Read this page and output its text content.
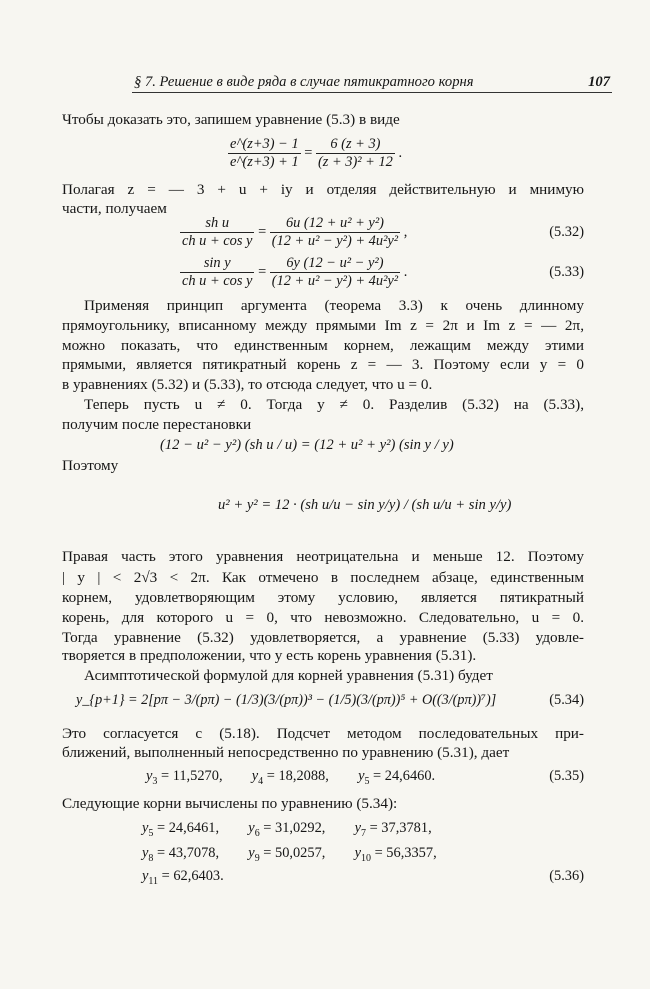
§ 7. Решение в виде ряда в случае пятикратного корня	107
Чтобы доказать это, запишем уравнение (5.3) в виде
$\frac{e\^{}(z+3) - 1}{e\^{}(z+3) + 1} = \frac{6 (z + 3)}{\text{(z + 3)² + 12}}$ .
Полагая z = — 3 + u + iy и отделяя действительную и мнимую
части, получаем
$\frac{\text{sh u}}{\text{ch u + cos y}} = \frac{\text{6u (12 + u² + y²)}}{\text{(12 + u² − y²) + 4u²y²}}$ ,	(5.32)
$\frac{\text{sin y}}{\text{ch u + cos y}} = \frac{\text{6y (12 − u² − y²)}}{\text{(12 + u² − y²) + 4u²y²}}$ .	(5.33)
Применяя принцип аргумента (теорема 3.3) к очень длинному
прямоугольнику, вписанному между прямыми Im z = 2π и Im z = — 2π,
можно показать, что единственным корнем, лежащим между этими
прямыми, является пятикратный корень z = — 3. Поэтому если y = 0
в уравнениях (5.32) и (5.33), то отсюда следует, что u = 0.
Теперь пусть u ≠ 0. Тогда y ≠ 0. Разделив (5.32) на (5.33),
получим после перестановки
(12 − u² − y²) (sh u / u) = (12 + u² + y²) (sin y / y)
Поэтому
u² + y² = 12 · (sh u/u − sin y/y) / (sh u/u + sin y/y)
Правая часть этого уравнения неотрицательна и меньше 12. Поэтому
| y | < 2√3 < 2π. Как отмечено в последнем абзаце, единственным
корнем, удовлетворяющим этому условию, является пятикратный
корень, для которого u = 0, что невозможно. Следовательно, u = 0.
Тогда уравнение (5.32) удовлетворяется, а уравнение (5.33) удовле-
творяется в предположении, что y есть корень уравнения (5.31).
Асимптотической формулой для корней уравнения (5.31) будет
y_{p+1} = 2[pπ − 3/(pπ) − (1/3)(3/(pπ))³ − (1/5)(3/(pπ))⁵ + O((3/(pπ))⁷)]	(5.34)
Это согласуется с (5.18). Подсчет методом последовательных при-
ближений, выполненный непосредственно по уравнению (5.31), дает
$y_3 = 11,5270$,  $y_4 = 18,2088$,  $y_5 = 24,6460$.	(5.35)
Следующие корни вычислены по уравнению (5.34):
$y_5 = 24,6461$,  $y_6 = 31,0292$,  $y_7 = 37,3781$,
$y_8 = 43,7078$,  $y_9 = 50,0257$,  $y_{10} = 56,3357$,
$y_{11} = 62,6403$.	(5.36)
